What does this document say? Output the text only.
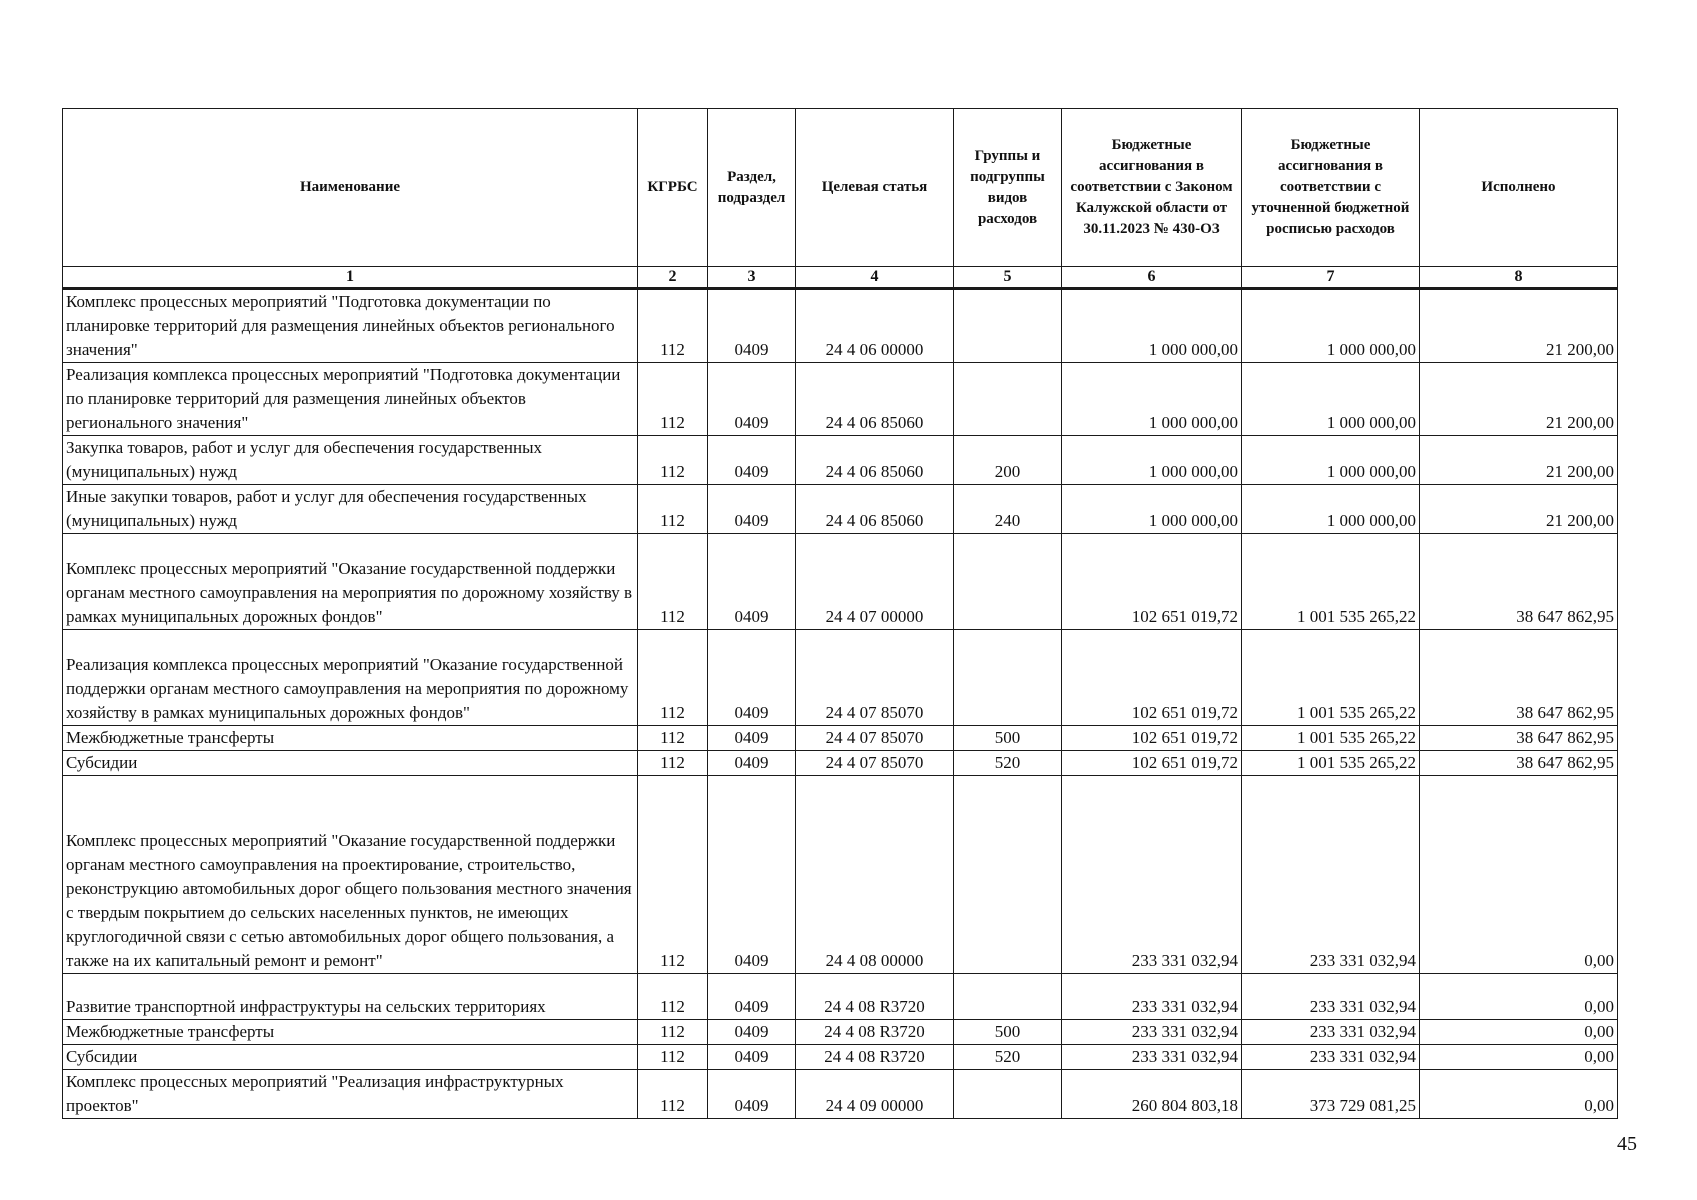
Наименование	КГРБС	Раздел, подраздел	Целевая статья	Группы и подгруппы видов расходов	Бюджетные ассигнования в соответствии с Законом Калужской области от 30.11.2023 № 430-ОЗ	Бюджетные ассигнования в соответствии с уточненной бюджетной росписью расходов	Исполнено
1	2	3	4	5	6	7	8
Комплекс процессных мероприятий "Подготовка документации по планировке территорий для размещения линейных объектов регионального значения"	112	0409	24 4 06 00000		1 000 000,00	1 000 000,00	21 200,00
Реализация комплекса процессных мероприятий "Подготовка документации по планировке территорий для размещения линейных объектов регионального значения"	112	0409	24 4 06 85060		1 000 000,00	1 000 000,00	21 200,00
Закупка товаров, работ и услуг для обеспечения государственных (муниципальных) нужд	112	0409	24 4 06 85060	200	1 000 000,00	1 000 000,00	21 200,00
Иные закупки товаров, работ и услуг для обеспечения государственных (муниципальных) нужд	112	0409	24 4 06 85060	240	1 000 000,00	1 000 000,00	21 200,00
Комплекс процессных мероприятий "Оказание государственной поддержки органам местного самоуправления на мероприятия по дорожному хозяйству в рамках муниципальных дорожных фондов"	112	0409	24 4 07 00000		102 651 019,72	1 001 535 265,22	38 647 862,95
Реализация комплекса процессных мероприятий "Оказание государственной поддержки органам местного самоуправления на мероприятия по дорожному хозяйству в рамках муниципальных дорожных фондов"	112	0409	24 4 07 85070		102 651 019,72	1 001 535 265,22	38 647 862,95
Межбюджетные трансферты	112	0409	24 4 07 85070	500	102 651 019,72	1 001 535 265,22	38 647 862,95
Субсидии	112	0409	24 4 07 85070	520	102 651 019,72	1 001 535 265,22	38 647 862,95
Комплекс процессных мероприятий "Оказание государственной поддержки органам местного самоуправления на проектирование, строительство, реконструкцию автомобильных дорог общего пользования местного значения с твердым покрытием до сельских населенных пунктов, не имеющих круглогодичной связи с сетью автомобильных дорог общего пользования, а также на их капитальный ремонт и ремонт"	112	0409	24 4 08 00000		233 331 032,94	233 331 032,94	0,00
Развитие транспортной инфраструктуры на сельских территориях	112	0409	24 4 08 R3720		233 331 032,94	233 331 032,94	0,00
Межбюджетные трансферты	112	0409	24 4 08 R3720	500	233 331 032,94	233 331 032,94	0,00
Субсидии	112	0409	24 4 08 R3720	520	233 331 032,94	233 331 032,94	0,00
Комплекс процессных мероприятий "Реализация инфраструктурных проектов"	112	0409	24 4 09 00000		260 804 803,18	373 729 081,25	0,00
45
